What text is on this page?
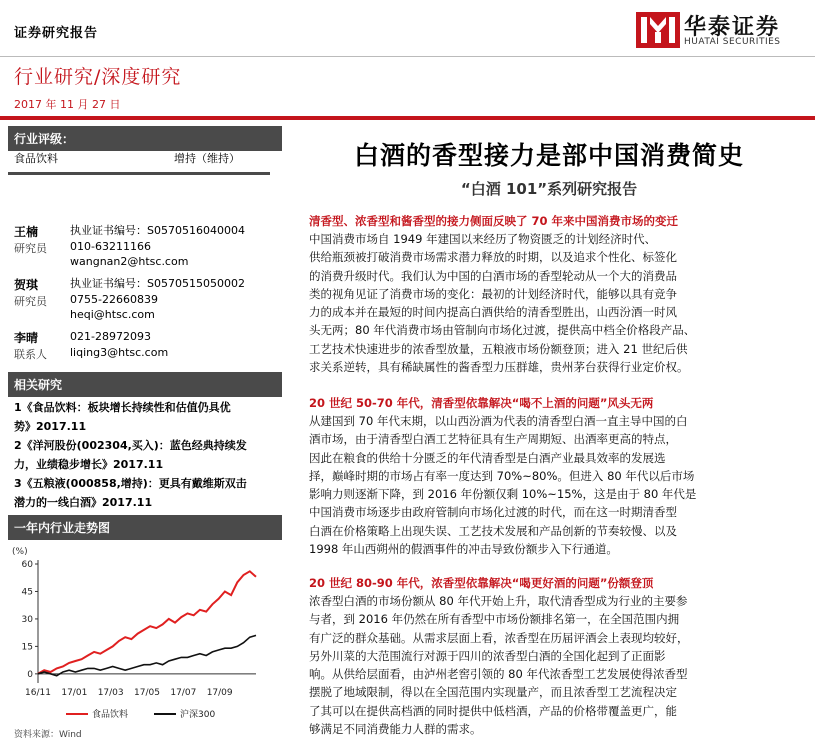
证券研究报告	华泰证券
HUATAI SECURITIES
行业研究/深度研究
2017 年 11 月 27 日
行业评级：
食品饮料	增持（维持）
王楠
研究员
执业证书编号：S0570516040004
010-63211166
wangnan2@htsc.com
贺琪
研究员
执业证书编号：S0570515050002
0755-22660839
heqi@htsc.com
李晴
联系人
021-28972093
liqing3@htsc.com
相关研究
1《食品饮料：板块增长持续性和估值仍具优
势》2017.11
2《洋河股份(002304,买入)：蓝色经典持续发
力，业绩稳步增长》2017.11
3《五粮液(000858,增持)：更具有戴维斯双击
潜力的一线白酒》2017.11
一年内行业走势图
(%)
60
45
30
15
0
16/11 17/01 17/03 17/05 17/07 17/09
食品饮料	沪深300
资料来源：Wind
白酒的香型接力是部中国消费简史
“白酒 101”系列研究报告
清香型、浓香型和酱香型的接力侧面反映了 70 年来中国消费市场的变迁
中国消费市场自 1949 年建国以来经历了物资匮乏的计划经济时代、
供给瓶颈被打破消费市场需求潜力释放的时期，以及追求个性化、标签化
的消费升级时代。我们认为中国的白酒市场的香型轮动从一个大的消费品
类的视角见证了消费市场的变化：最初的计划经济时代，能够以具有竞争
力的成本并在最短的时间内提高白酒供给的清香型胜出，山西汾酒一时风
头无两；80 年代消费市场由管制向市场化过渡，提供高中档全价格段产品、
工艺技术快速进步的浓香型放量，五粮液市场份额登顶；进入 21 世纪后供
求关系逆转，具有稀缺属性的酱香型力压群雄，贵州茅台获得行业定价权。
20 世纪 50-70 年代，清香型依靠解决“喝不上酒的问题”风头无两
从建国到 70 年代末期，以山西汾酒为代表的清香型白酒一直主导中国的白
酒市场，由于清香型白酒工艺特征具有生产周期短、出酒率更高的特点，
因此在粮食的供给十分匮乏的年代清香型是白酒产业最具效率的发展选
择，巅峰时期的市场占有率一度达到 70%~80%。但进入 80 年代以后市场
影响力则逐渐下降，到 2016 年份额仅剩 10%~15%，这是由于 80 年代是
中国消费市场逐步由政府管制向市场化过渡的时代，而在这一时期清香型
白酒在价格策略上出现失误、工艺技术发展和产品创新的节奏较慢、以及
1998 年山西朔州的假酒事件的冲击导致份额步入下行通道。
20 世纪 80-90 年代，浓香型依靠解决“喝更好酒的问题”份额登顶
浓香型白酒的市场份额从 80 年代开始上升，取代清香型成为行业的主要参
与者，到 2016 年仍然在所有香型中市场份额排名第一，在全国范围内拥
有广泛的群众基础。从需求层面上看，浓香型在历届评酒会上表现均较好，
另外川菜的大范围流行对源于四川的浓香型白酒的全国化起到了正面影
响。从供给层面看，由泸州老窖引领的 80 年代浓香型工艺发展使得浓香型
摆脱了地域限制，得以在全国范围内实现量产，而且浓香型工艺流程决定
了其可以在提供高档酒的同时提供中低档酒，产品的价格带覆盖更广，能
够满足不同消费能力人群的需求。
